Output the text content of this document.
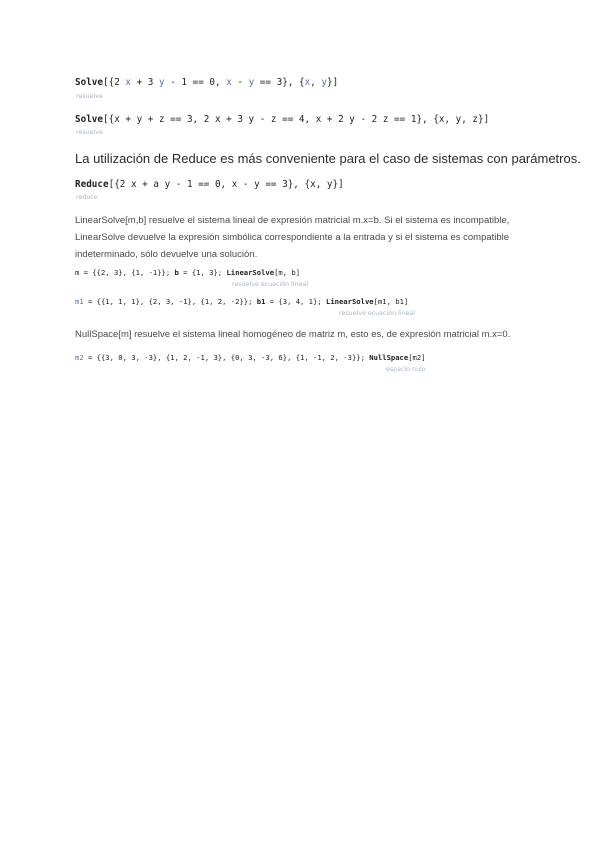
Solve[{2 x + 3 y - 1 == 0, x - y == 3}, {x, y}]
resuelve
Solve[{x + y + z == 3, 2 x + 3 y - z == 4, x + 2 y - 2 z == 1}, {x, y, z}]
resuelve
La utilización de Reduce es más conveniente para el caso de sistemas con parámetros.
Reduce[{2 x + a y - 1 == 0, x - y == 3}, {x, y}]
reduce
LinearSolve[m,b] resuelve el sistema lineal de expresión matricial m.x=b. Si el sistema es incompatible,
LinearSolve devuelve la expresión simbólica correspondiente a la entrada y si el sistema es compatible
indeterminado, sólo devuelve una solución.
m = {{2, 3}, {1, -1}}; b = {1, 3}; LinearSolve[m, b]
resuelve ecuación lineal
m1 = {{1, 1, 1}, {2, 3, -1}, {1, 2, -2}}; b1 = {3, 4, 1}; LinearSolve[m1, b1]
resuelve ecuación lineal
NullSpace[m] resuelve el sistema lineal homogéneo de matriz m, esto es, de expresión matricial m.x=0.
m2 = {{3, 0, 3, -3}, {1, 2, -1, 3}, {0, 3, -3, 6}, {1, -1, 2, -3}}; NullSpace[m2]
espacio nulo
